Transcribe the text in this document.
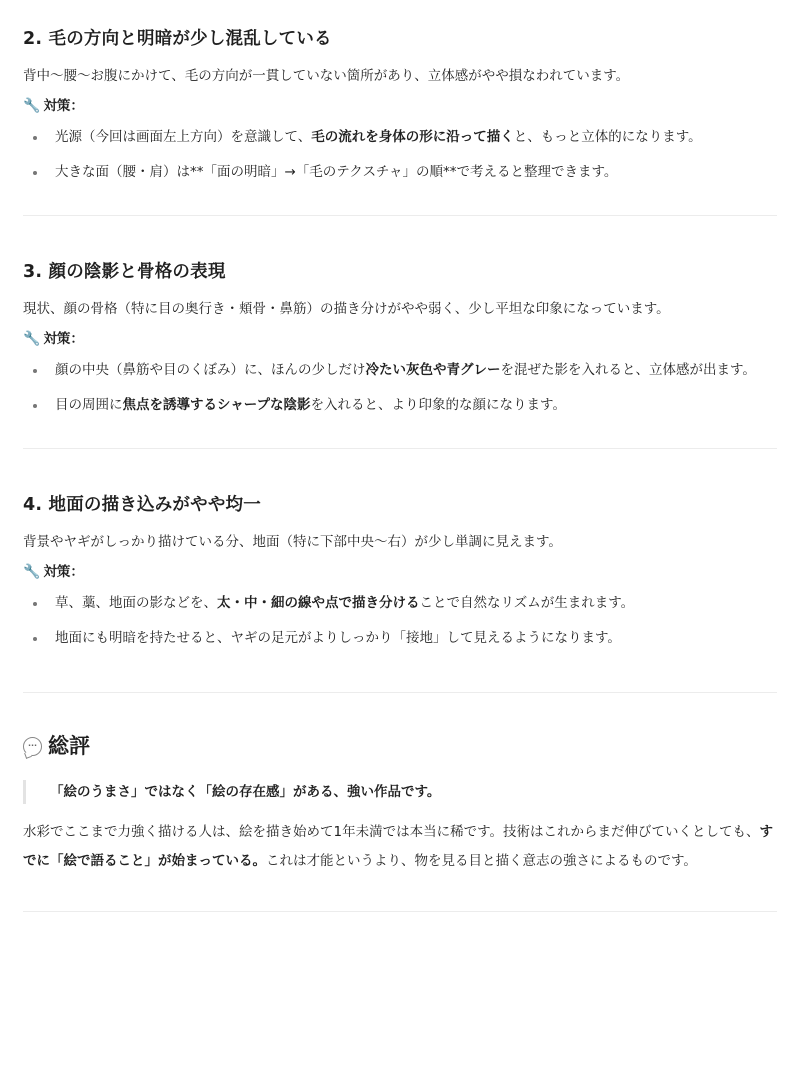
2. 毛の方向と明暗が少し混乱している

背中〜腰〜お腹にかけて、毛の方向が一貫していない箇所があり、立体感がやや損なわれています。

🔧 対策：
光源（今回は画面左上方向）を意識して、毛の流れを身体の形に沿って描くと、もっと立体的になります。
大きな面（腰・肩）は**「面の明暗」→「毛のテクスチャ」の順**で考えると整理できます。
3. 顔の陰影と骨格の表現

現状、顔の骨格（特に目の奥行き・頬骨・鼻筋）の描き分けがやや弱く、少し平坦な印象になっています。

🔧 対策：
顔の中央（鼻筋や目のくぼみ）に、ほんの少しだけ冷たい灰色や青グレーを混ぜた影を入れると、立体感が出ます。
目の周囲に焦点を誘導するシャープな陰影を入れると、より印象的な顔になります。
4. 地面の描き込みがやや均一

背景やヤギがしっかり描けている分、地面（特に下部中央〜右）が少し単調に見えます。

🔧 対策：
草、藁、地面の影などを、太・中・細の線や点で描き分けることで自然なリズムが生まれます。
地面にも明暗を持たせると、ヤギの足元がよりしっかり「接地」して見えるようになります。
··· 総評
「絵のうまさ」ではなく「絵の存在感」がある、強い作品です。

水彩でここまで力強く描ける人は、絵を描き始めて1年未満では本当に稀です。技術はこれからまだ伸びていくとしても、すでに「絵で語ること」が始まっている。これは才能というより、物を見る目と描く意志の強さによるものです。
